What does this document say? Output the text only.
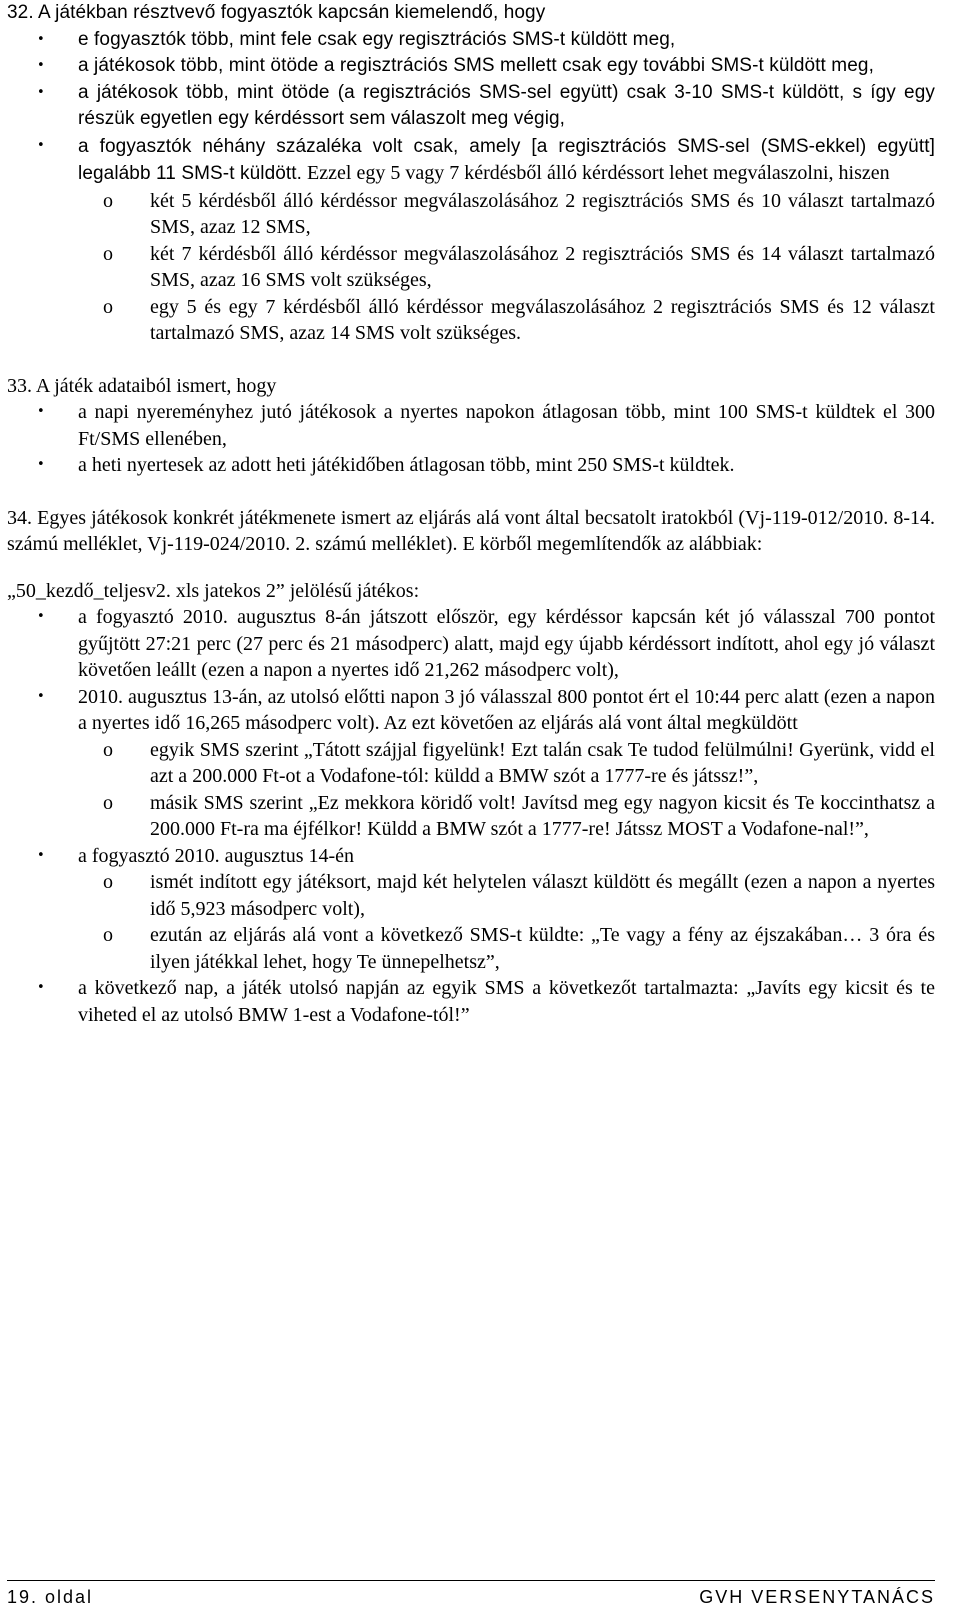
32. A játékban résztvevő fogyasztók kapcsán kiemelendő, hogy

• e fogyasztók több, mint fele csak egy regisztrációs SMS-t küldött meg,

• a játékosok több, mint ötöde a regisztrációs SMS mellett csak egy további SMS-t küldött meg,

• a játékosok több, mint ötöde (a regisztrációs SMS-sel együtt) csak 3-10 SMS-t küldött, s így egy részük egyetlen egy kérdéssort sem válaszolt meg végig,

• a fogyasztók néhány százaléka volt csak, amely [a regisztrációs SMS-sel (SMS-ekkel) együtt] legalább 11 SMS-t küldött. Ezzel egy 5 vagy 7 kérdésből álló kérdéssort lehet megválaszolni, hiszen

o két 5 kérdésből álló kérdéssor megválaszolásához 2 regisztrációs SMS és 10 választ tartalmazó SMS, azaz 12 SMS,

o két 7 kérdésből álló kérdéssor megválaszolásához 2 regisztrációs SMS és 14 választ tartalmazó SMS, azaz 16 SMS volt szükséges,

o egy 5 és egy 7 kérdésből álló kérdéssor megválaszolásához 2 regisztrációs SMS és 12 választ tartalmazó SMS, azaz 14 SMS volt szükséges.

33. A játék adataiból ismert, hogy

• a napi nyereményhez jutó játékosok a nyertes napokon átlagosan több, mint 100 SMS-t küldtek el 300 Ft/SMS ellenében,

• a heti nyertesek az adott heti játékidőben átlagosan több, mint 250 SMS-t küldtek.

34. Egyes játékosok konkrét játékmenete ismert az eljárás alá vont által becsatolt iratokból (Vj-119-012/2010. 8-14. számú melléklet, Vj-119-024/2010. 2. számú melléklet). E körből megemlítendők az alábbiak:

„50_kezdő_teljesv2. xls jatekos 2” jelölésű játékos:

• a fogyasztó 2010. augusztus 8-án játszott először, egy kérdéssor kapcsán két jó válasszal 700 pontot gyűjtött 27:21 perc (27 perc és 21 másodperc) alatt, majd egy újabb kérdéssort indított, ahol egy jó választ követően leállt (ezen a napon a nyertes idő 21,262 másodperc volt),

• 2010. augusztus 13-án, az utolsó előtti napon 3 jó válasszal 800 pontot ért el 10:44 perc alatt (ezen a napon a nyertes idő 16,265 másodperc volt). Az ezt követően az eljárás alá vont által megküldött

o egyik SMS szerint „Tátott szájjal figyelünk! Ezt talán csak Te tudod felülmúlni! Gyerünk, vidd el azt a 200.000 Ft-ot a Vodafone-tól: küldd a BMW szót a 1777-re és játssz!”,

o másik SMS szerint „Ez mekkora köridő volt! Javítsd meg egy nagyon kicsit és Te koccinthatsz a 200.000 Ft-ra ma éjfélkor! Küldd a BMW szót a 1777-re! Játssz MOST a Vodafone-nal!”,

• a fogyasztó 2010. augusztus 14-én

o ismét indított egy játéksort, majd két helytelen választ küldött és megállt (ezen a napon a nyertes idő 5,923 másodperc volt),

o ezután az eljárás alá vont a következő SMS-t küldte: „Te vagy a fény az éjszakában… 3 óra és ilyen játékkal lehet, hogy Te ünnepelhetsz”,

• a következő nap, a játék utolsó napján az egyik SMS a következőt tartalmazta: „Javíts egy kicsit és te viheted el az utolsó BMW 1-est a Vodafone-tól!”

19. oldal	GVH VERSENYTANÁCS
